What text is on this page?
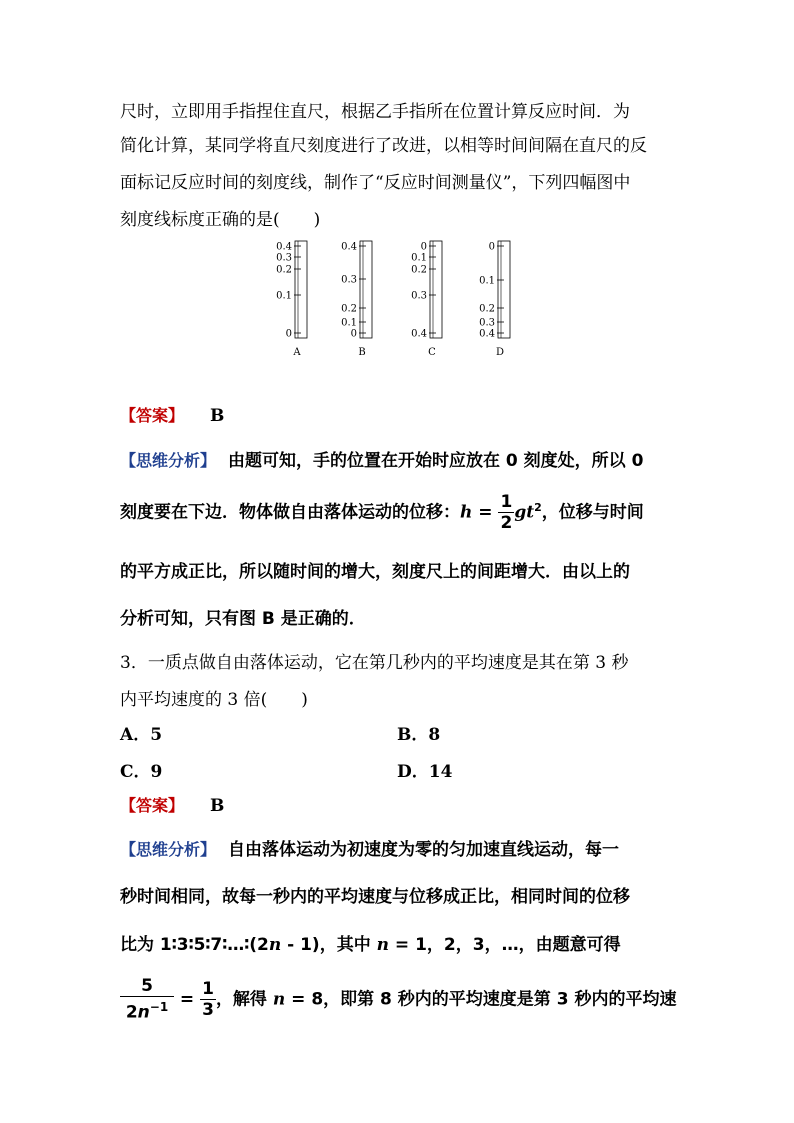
尺时，立即用手指捏住直尺，根据乙手指所在位置计算反应时间．为
简化计算，某同学将直尺刻度进行了改进，以相等时间间隔在直尺的反
面标记反应时间的刻度线，制作了“反应时间测量仪”，下列四幅图中
刻度线标度正确的是(　　)
0.4
0.3
0.2
0.1
0
A
0.4
0.3
0.2
0.1
0
B
0
0.1
0.2
0.3
0.4
C
0
0.1
0.2
0.3
0.4
D
【答案】 B
【思维分析】 由题可知，手的位置在开始时应放在 0 刻度处，所以 0
刻度要在下边．物体做自由落体运动的位移：$h = \frac{1}{2} gt^2$，位移与时间
的平方成正比，所以随时间的增大，刻度尺上的间距增大．由以上的
分析可知，只有图 B 是正确的．
3．一质点做自由落体运动，它在第几秒内的平均速度是其在第 3 秒
内平均速度的 3 倍(　　)
A．5	B．8
C．9	D．14
【答案】 B
【思维分析】 自由落体运动为初速度为零的匀加速直线运动，每一
秒时间相同，故每一秒内的平均速度与位移成正比，相同时间的位移
比为 1∶3∶5∶7∶…∶(2n - 1)，其中 n = 1，2，3，…，由题意可得
$\frac{5}{2n^{-1}} = \frac{1}{3}$ ，解得 n = 8，即第 8 秒内的平均速度是第 3 秒内的平均速
